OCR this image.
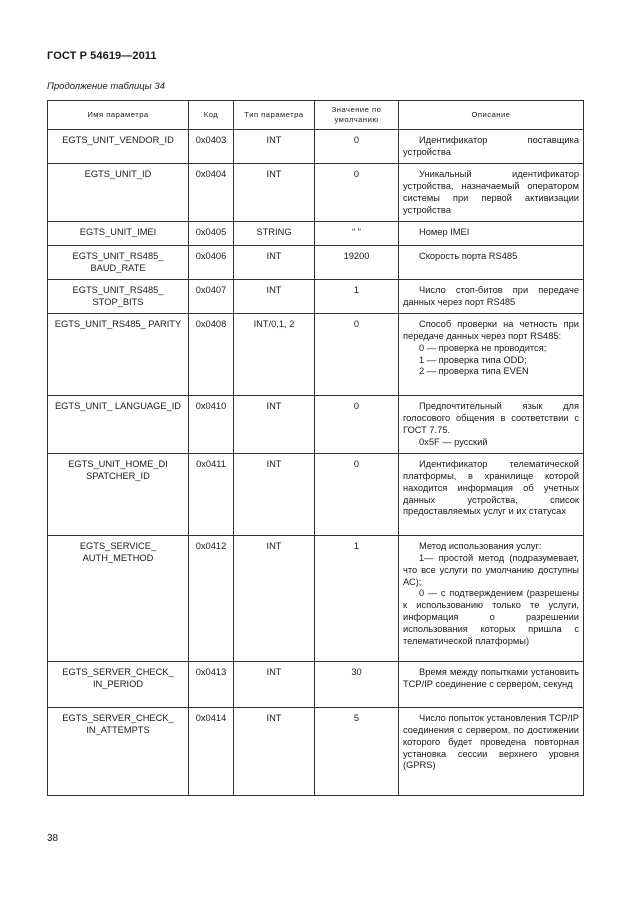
ГОСТ Р 54619—2011
Продолжение таблицы 34
Имя параметра	Код	Тип параметра	Значение по умолчанию	Описание
EGTS_UNIT_VENDOR_ID	0x0403	INT	0	Идентификатор поставщика устройства

EGTS_UNIT_ID	0x0404	INT	0	Уникальный идентификатор устройства, назначаемый оператором системы при первой активизации устройства

EGTS_UNIT_IMEI	0x0405	STRING	“ ”	Номер IMEI

EGTS_UNIT_RS485_ BAUD_RATE	0x0406	INT	19200	Скорость порта RS485

EGTS_UNIT_RS485_ STOP_BITS	0x0407	INT	1	Число стоп-битов при передаче данных через порт RS485

EGTS_UNIT_RS485_ PARITY	0x0408	INT/0,1, 2	0	Способ проверки на четность при передаче данных через порт RS485:
0 — проверка не проводится;
1 — проверка типа ODD;
2 — проверка типа EVEN

EGTS_UNIT_ LANGUAGE_ID	0x0410	INT	0	Предпочтительный язык для голосового общения в соответствии с ГОСТ 7.75.
0x5F — русский

EGTS_UNIT_HOME_DI SPATCHER_ID	0x0411	INT	0	Идентификатор телематической платформы, в хранилище которой находится информация об учетных данных устройства, список предоставляемых услуг и их статусах

EGTS_SERVICE_ AUTH_METHOD	0x0412	INT	1	Метод использования услуг:
1— простой метод (подразумевает, что все услуги по умолчанию доступны АС);
0 — с подтверждением (разрешены к использованию только те услуги, информация о разрешении использования которых пришла с телематической платформы)

EGTS_SERVER_CHECK_ IN_PERIOD	0x0413	INT	30	Время между попытками установить TCP/IP соединение с сервером, секунд

EGTS_SERVER_CHECK_ IN_ATTEMPTS	0x0414	INT	5	Число попыток установления TCP/IP соединения с сервером, по достижении которого будет проведена повторная установка сессии верхнего уровня (GPRS)
38
